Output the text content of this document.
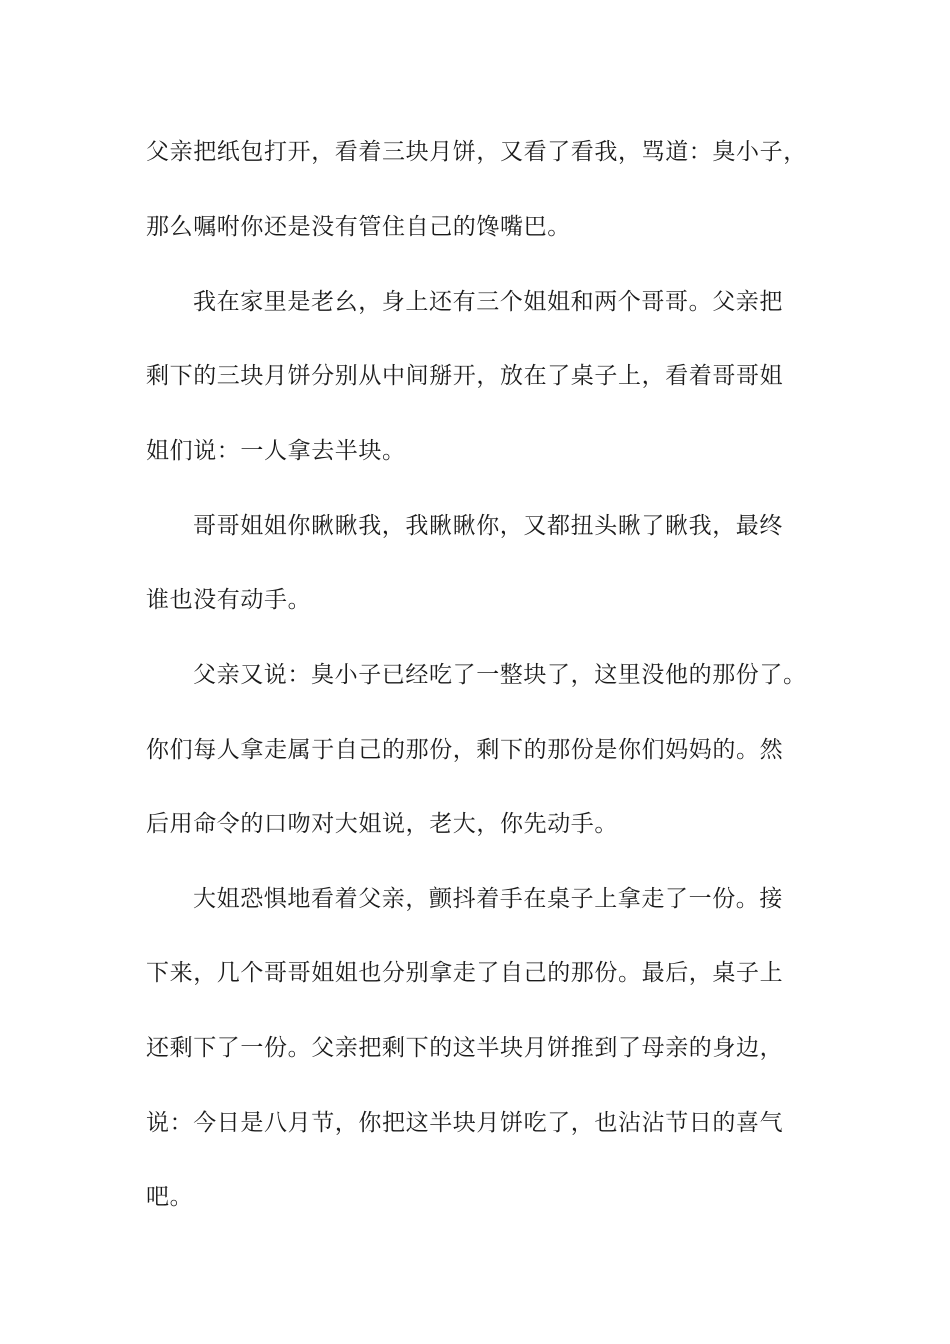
父亲把纸包打开，看着三块月饼，又看了看我，骂道：臭小子，
那么嘱咐你还是没有管住自己的馋嘴巴。
我在家里是老幺，身上还有三个姐姐和两个哥哥。父亲把
剩下的三块月饼分别从中间掰开，放在了桌子上，看着哥哥姐
姐们说：一人拿去半块。
哥哥姐姐你瞅瞅我，我瞅瞅你，又都扭头瞅了瞅我，最终
谁也没有动手。
父亲又说：臭小子已经吃了一整块了，这里没他的那份了。
你们每人拿走属于自己的那份，剩下的那份是你们妈妈的。然
后用命令的口吻对大姐说，老大，你先动手。
大姐恐惧地看着父亲，颤抖着手在桌子上拿走了一份。接
下来，几个哥哥姐姐也分别拿走了自己的那份。最后，桌子上
还剩下了一份。父亲把剩下的这半块月饼推到了母亲的身边，
说：今日是八月节，你把这半块月饼吃了，也沾沾节日的喜气
吧。
